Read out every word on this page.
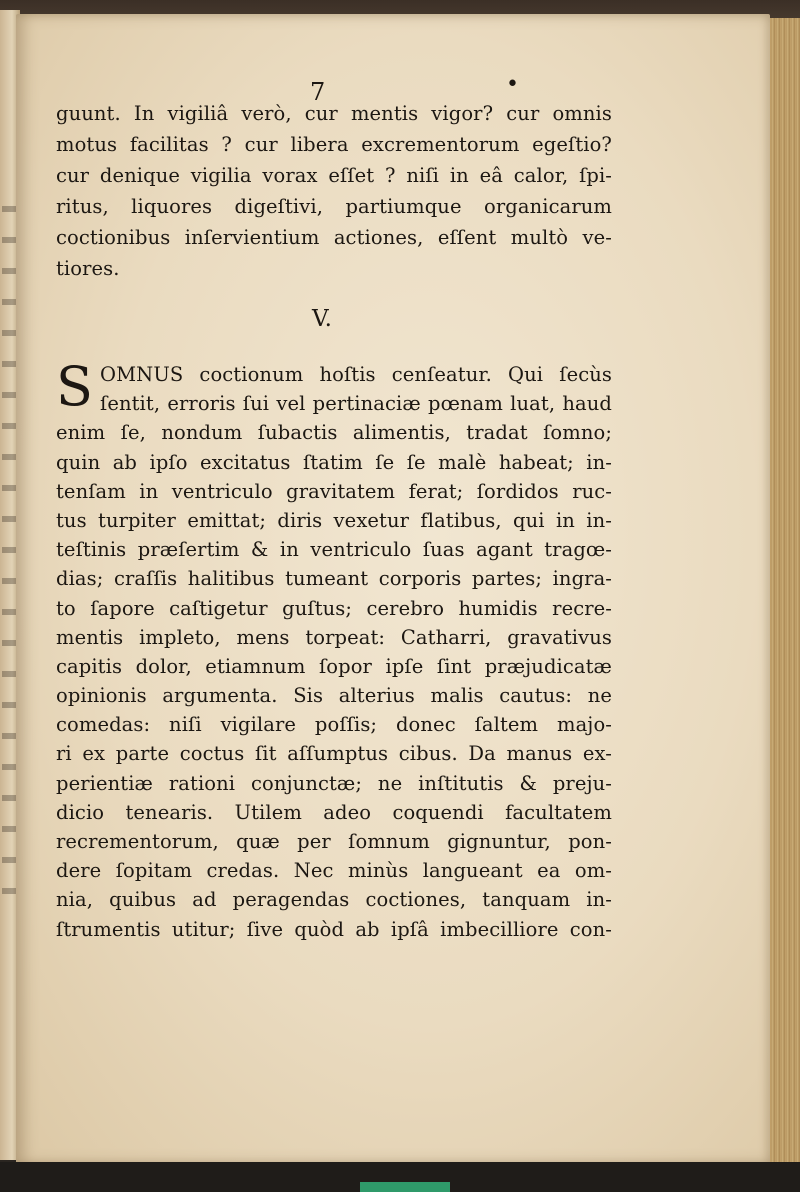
7	•
guunt. In vigiliâ verò, cur mentis vigor? cur omnis
motus facilitas ? cur libera excrementorum egeſtio?
cur denique vigilia vorax eſſet ? niſi in eâ calor, ſpi-
ritus, liquores digeſtivi, partiumque organicarum
coctionibus inſervientium actiones, eſſent multò ve-
tiores.
V.
S OMNUS coctionum hoſtis cenſeatur. Qui ſecùs
ſentit, erroris ſui vel pertinaciæ pœnam luat, haud
enim ſe, nondum ſubactis alimentis, tradat ſomno;
quin ab ipſo excitatus ſtatim ſe ſe malè habeat; in-
tenſam in ventriculo gravitatem ferat; ſordidos ruc-
tus turpiter emittat; diris vexetur flatibus, qui in in-
teſtinis præſertim & in ventriculo ſuas agant tragœ-
dias; craſſis halitibus tumeant corporis partes; ingra-
to ſapore caſtigetur guſtus; cerebro humidis recre-
mentis impleto, mens torpeat: Catharri, gravativus
capitis dolor, etiamnum ſopor ipſe ſint præjudicatæ
opinionis argumenta. Sis alterius malis cautus: ne
comedas: niſi vigilare poſſis; donec ſaltem majo-
ri ex parte coctus ſit aſſumptus cibus. Da manus ex-
perientiæ rationi conjunctæ; ne inſtitutis & preju-
dicio tenearis. Utilem adeo coquendi facultatem
recrementorum, quæ per ſomnum gignuntur, pon-
dere ſopitam credas. Nec minùs langueant ea om-
nia, quibus ad peragendas coctiones, tanquam in-
ſtrumentis utitur; ſive quòd ab ipſâ imbecilliore con-
